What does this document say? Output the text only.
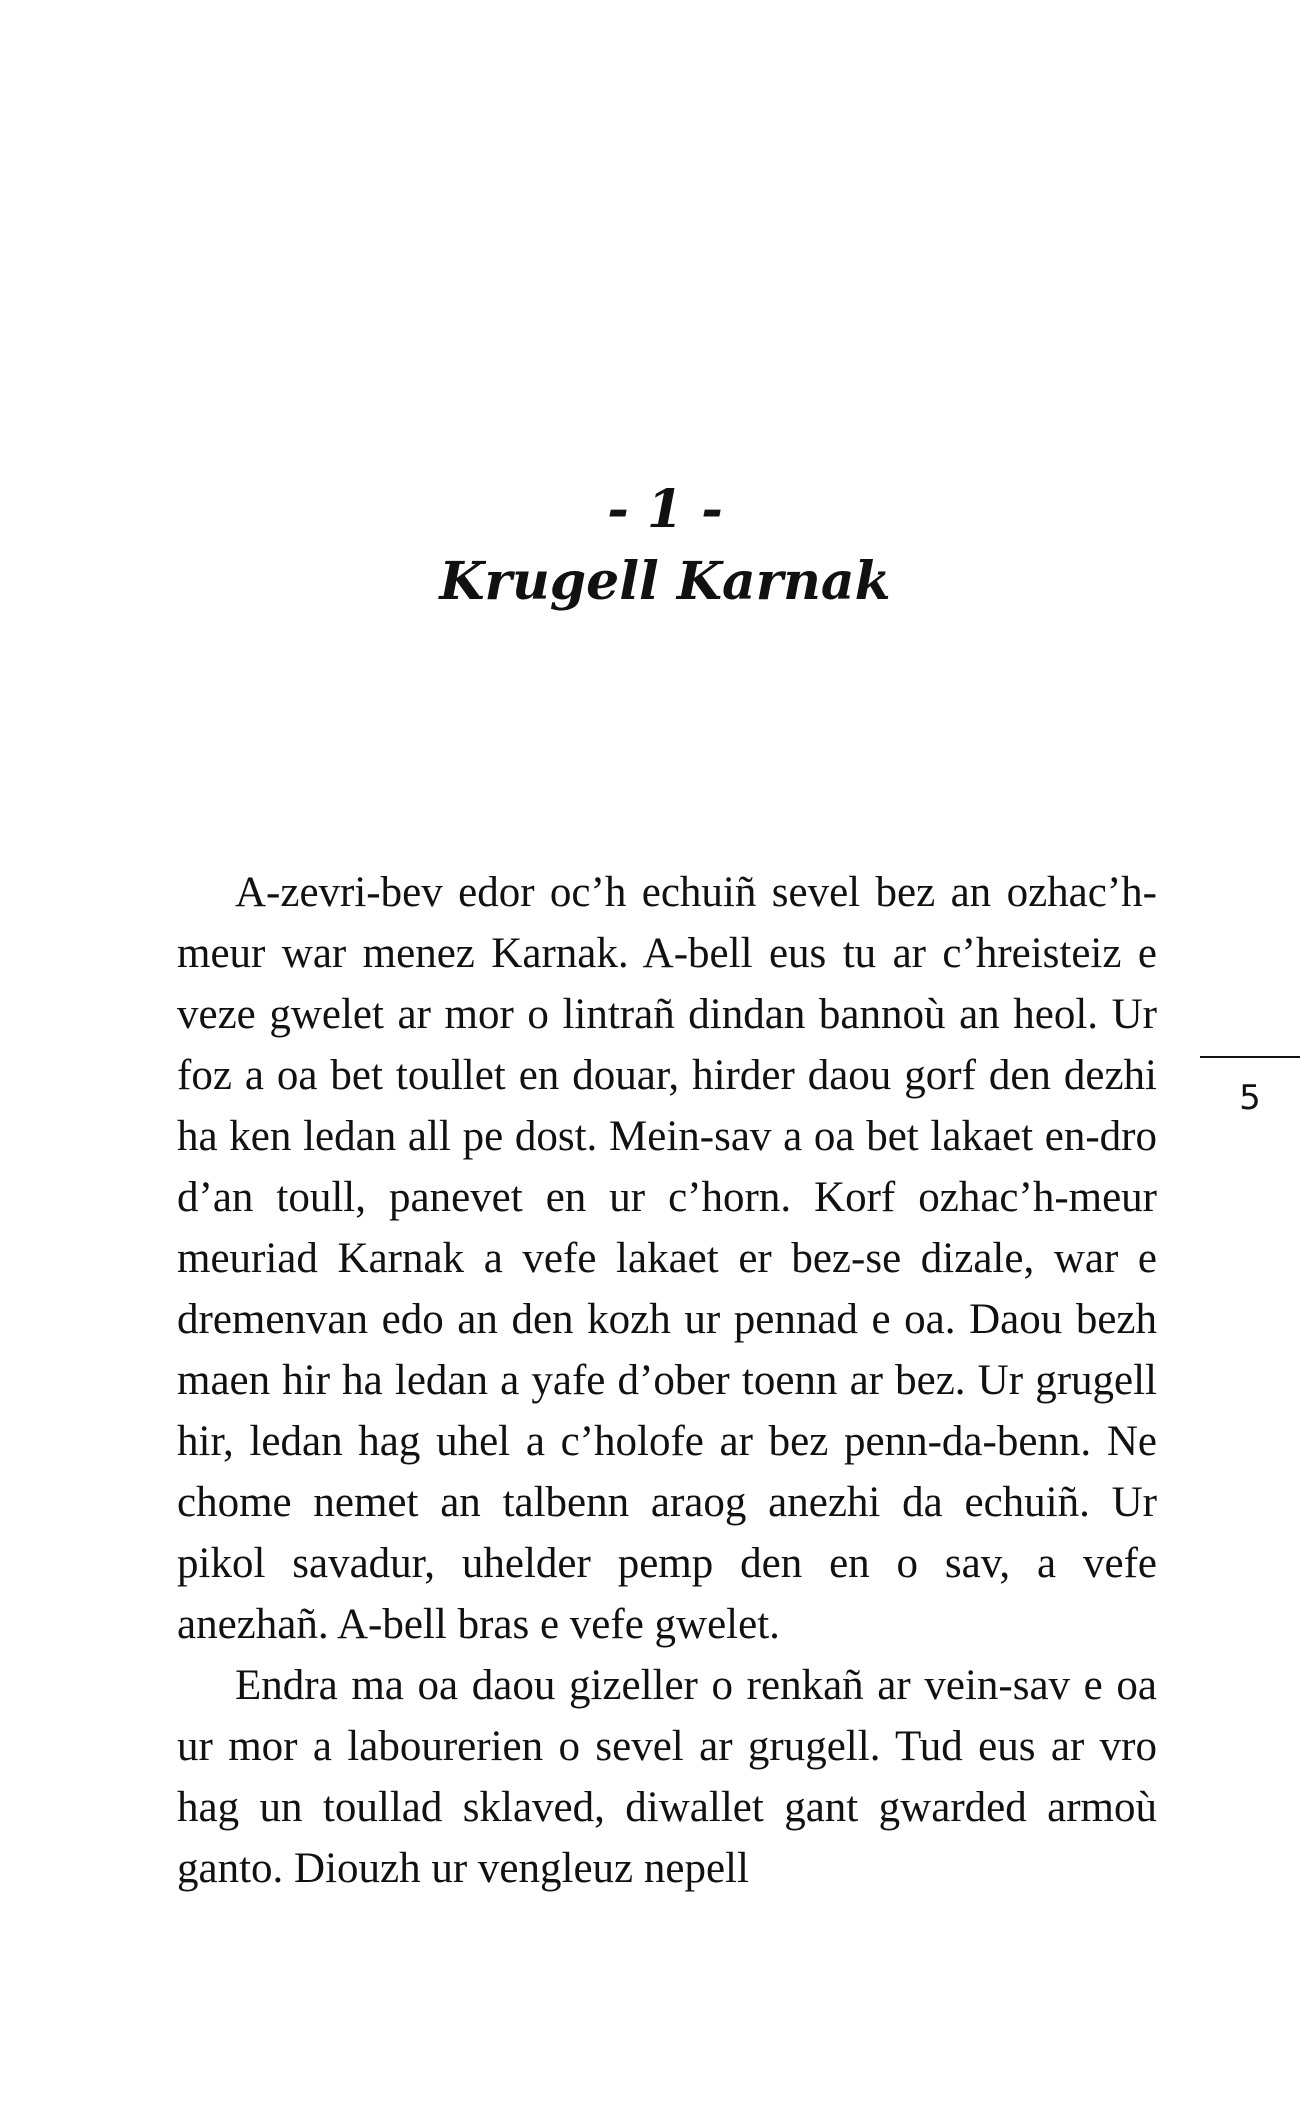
- 1 -
Krugell Karnak

A-zevri-bev edor oc’h echuiñ sevel bez an ozhac’h-meur war menez Karnak. A-bell eus tu ar c’hreisteiz e veze gwelet ar mor o lintrañ dindan bannoù an heol. Ur foz a oa bet toullet en douar, hirder daou gorf den dezhi ha ken ledan all pe dost. Mein-sav a oa bet lakaet en-dro d’an toull, panevet en ur c’horn. Korf ozhac’h-meur meuriad Karnak a vefe lakaet er bez-se dizale, war e dremenvan edo an den kozh ur pennad e oa. Daou bezh maen hir ha ledan a yafe d’ober toenn ar bez. Ur grugell hir, ledan hag uhel a c’holofe ar bez penn-da-benn. Ne chome nemet an talbenn araog anezhi da echuiñ. Ur pikol savadur, uhelder pemp den en o sav, a vefe anezhañ. A-bell bras e vefe gwelet.

Endra ma oa daou gizeller o renkañ ar vein-sav e oa ur mor a labourerien o sevel ar grugell. Tud eus ar vro hag un toullad sklaved, diwallet gant gwarded armoù ganto. Diouzh ur vengleuz nepell

5
